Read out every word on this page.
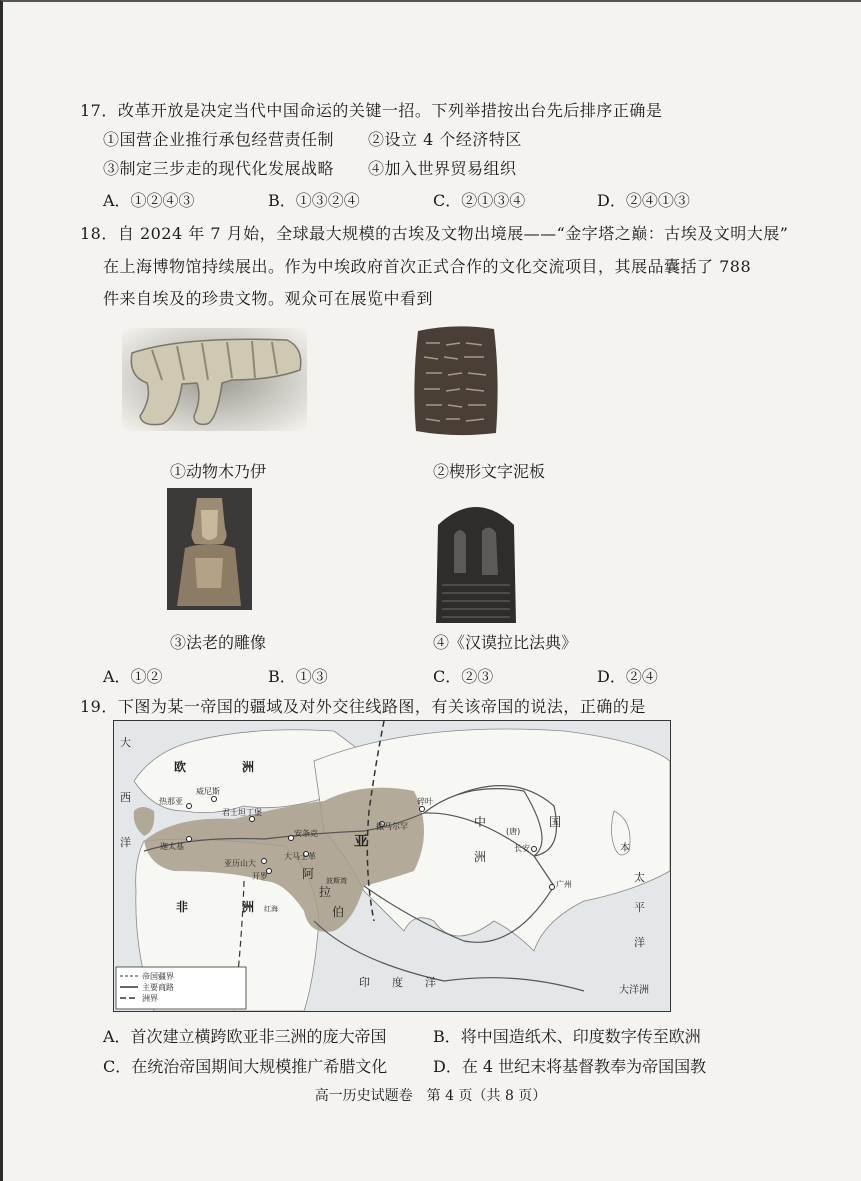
17．改革开放是决定当代中国命运的关键一招。下列举措按出台先后排序正确是
①国营企业推行承包经营责任制 ②设立 4 个经济特区
③制定三步走的现代化发展战略 ④加入世界贸易组织
A．①②④③	B．①③②④	C．②①③④	D．②④①③
18．自 2024 年 7 月始，全球最大规模的古埃及文物出境展——“金字塔之巅：古埃及文明大展”
在上海博物馆持续展出。作为中埃政府首次正式合作的文化交流项目，其展品囊括了 788
件来自埃及的珍贵文物。观众可在展览中看到
①动物木乃伊	②楔形文字泥板
③法老的雕像	④《汉谟拉比法典》
A．①②	B．①③	C．②③	D．②④
19．下图为某一帝国的疆域及对外交往线路图，有关该帝国的说法，正确的是
欧	洲
大
西
洋
非	洲
亚
洲
中	国
阿
拉
伯
印　　度　　洋
太
平
洋
本
大洋洲
威尼斯
热那亚
君士坦丁堡
迦太基
亚历山大
开罗
安条克
大马士革
撒马尔罕
碎叶
(唐)
长安
广州
红海
波斯湾
帝国疆界
主要商路
洲界
A．首次建立横跨欧亚非三洲的庞大帝国	B．将中国造纸术、印度数字传至欧洲
C．在统治帝国期间大规模推广希腊文化	D．在 4 世纪末将基督教奉为帝国国教
高一历史试题卷　第 4 页（共 8 页）
